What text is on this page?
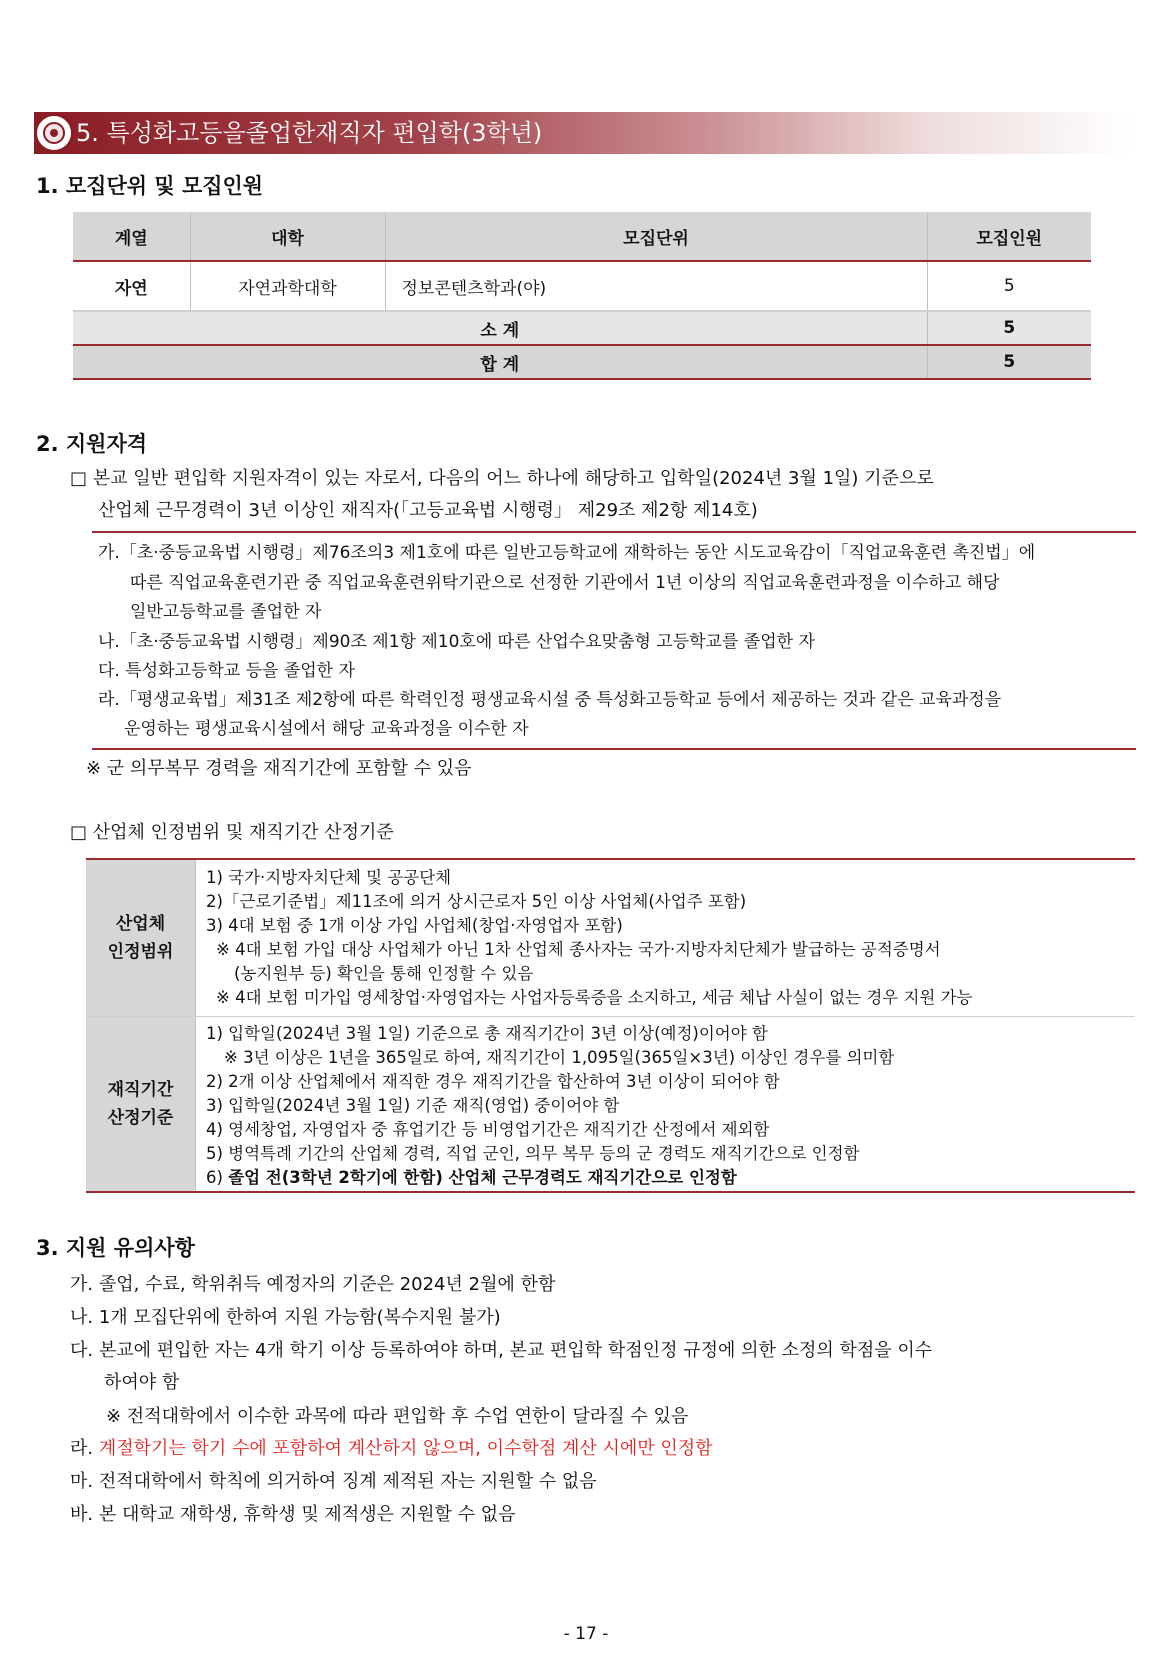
5. 특성화고등을졸업한재직자 편입학(3학년)
1. 모집단위 및 모집인원
계열	대학	모집단위	모집인원
자연	자연과학대학	정보콘텐츠학과(야)	5
소 계			5
합 계			5
2. 지원자격
□ 본교 일반 편입학 지원자격이 있는 자로서, 다음의 어느 하나에 해당하고 입학일(2024년 3월 1일) 기준으로
산업체 근무경력이 3년 이상인 재직자(「고등교육법 시행령」 제29조 제2항 제14호)
가.「초·중등교육법 시행령」제76조의3 제1호에 따른 일반고등학교에 재학하는 동안 시도교육감이「직업교육훈련 촉진법」에
따른 직업교육훈련기관 중 직업교육훈련위탁기관으로 선정한 기관에서 1년 이상의 직업교육훈련과정을 이수하고 해당
일반고등학교를 졸업한 자
나.「초·중등교육법 시행령」제90조 제1항 제10호에 따른 산업수요맞춤형 고등학교를 졸업한 자
다. 특성화고등학교 등을 졸업한 자
라.「평생교육법」제31조 제2항에 따른 학력인정 평생교육시설 중 특성화고등학교 등에서 제공하는 것과 같은 교육과정을
운영하는 평생교육시설에서 해당 교육과정을 이수한 자
※ 군 의무복무 경력을 재직기간에 포함할 수 있음
□ 산업체 인정범위 및 재직기간 산정기준
산업체
인정범위
1) 국가·지방자치단체 및 공공단체
2)「근로기준법」제11조에 의거 상시근로자 5인 이상 사업체(사업주 포함)
3) 4대 보험 중 1개 이상 가입 사업체(창업·자영업자 포함)
※ 4대 보험 가입 대상 사업체가 아닌 1차 산업체 종사자는 국가·지방자치단체가 발급하는 공적증명서
(농지원부 등) 확인을 통해 인정할 수 있음
※ 4대 보험 미가입 영세창업·자영업자는 사업자등록증을 소지하고, 세금 체납 사실이 없는 경우 지원 가능
재직기간
산정기준
1) 입학일(2024년 3월 1일) 기준으로 총 재직기간이 3년 이상(예정)이어야 함
※ 3년 이상은 1년을 365일로 하여, 재직기간이 1,095일(365일×3년) 이상인 경우를 의미함
2) 2개 이상 산업체에서 재직한 경우 재직기간을 합산하여 3년 이상이 되어야 함
3) 입학일(2024년 3월 1일) 기준 재직(영업) 중이어야 함
4) 영세창업, 자영업자 중 휴업기간 등 비영업기간은 재직기간 산정에서 제외함
5) 병역특례 기간의 산업체 경력, 직업 군인, 의무 복무 등의 군 경력도 재직기간으로 인정함
6) 졸업 전(3학년 2학기에 한함) 산업체 근무경력도 재직기간으로 인정함
3. 지원 유의사항
가. 졸업, 수료, 학위취득 예정자의 기준은 2024년 2월에 한함
나. 1개 모집단위에 한하여 지원 가능함(복수지원 불가)
다. 본교에 편입한 자는 4개 학기 이상 등록하여야 하며, 본교 편입학 학점인정 규정에 의한 소정의 학점을 이수
하여야 함
※ 전적대학에서 이수한 과목에 따라 편입학 후 수업 연한이 달라질 수 있음
라. 계절학기는 학기 수에 포함하여 계산하지 않으며, 이수학점 계산 시에만 인정함
마. 전적대학에서 학칙에 의거하여 징계 제적된 자는 지원할 수 없음
바. 본 대학교 재학생, 휴학생 및 제적생은 지원할 수 없음
- 17 -
